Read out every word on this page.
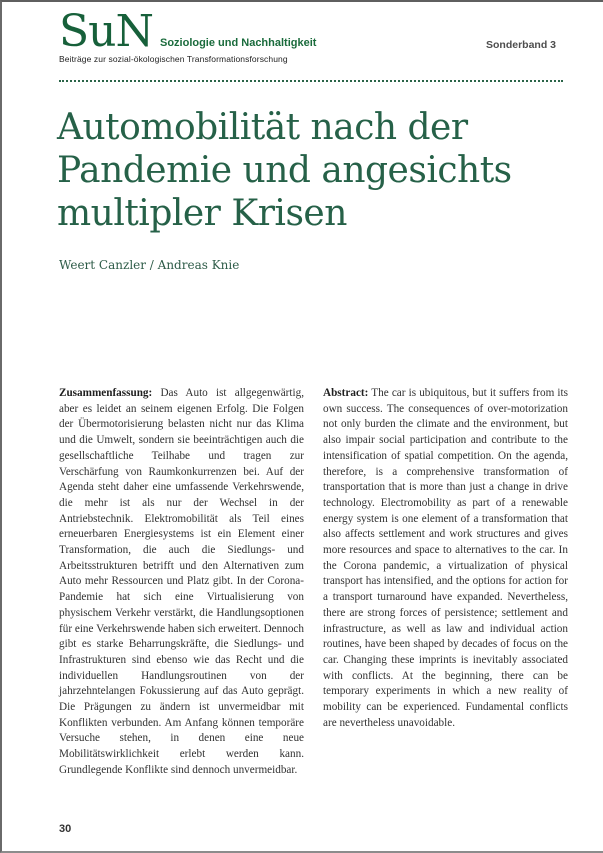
SuN Soziologie und Nachhaltigkeit
Beiträge zur sozial-ökologischen Transformationsforschung
Sonderband 3
Automobilität nach der
Pandemie und angesichts
multipler Krisen
Weert Canzler / Andreas Knie

Zusammenfassung: Das Auto ist allgegenwärtig, aber es leidet an seinem eigenen Erfolg. Die Folgen der Übermotorisierung belasten nicht nur das Klima und die Umwelt, sondern sie beeinträchtigen auch die gesellschaftliche Teilhabe und tragen zur Verschärfung von Raumkonkurrenzen bei. Auf der Agenda steht daher eine umfassende Verkehrswende, die mehr ist als nur der Wechsel in der Antriebstechnik. Elektromobilität als Teil eines erneuerbaren Energiesystems ist ein Element einer Transformation, die auch die Siedlungs- und Arbeitsstrukturen betrifft und den Alternativen zum Auto mehr Ressourcen und Platz gibt. In der Corona-Pandemie hat sich eine Virtualisierung von physischem Verkehr verstärkt, die Handlungsoptionen für eine Verkehrswende haben sich erweitert. Dennoch gibt es starke Beharrungskräfte, die Siedlungs- und Infrastrukturen sind ebenso wie das Recht und die individuellen Handlungsroutinen von der jahrzehntelangen Fokussierung auf das Auto geprägt. Die Prägungen zu ändern ist unvermeidbar mit Konflikten verbunden. Am Anfang können temporäre Versuche stehen, in denen eine neue Mobilitätswirklichkeit erlebt werden kann. Grundlegende Konflikte sind dennoch unvermeidbar.

Abstract: The car is ubiquitous, but it suffers from its own success. The consequences of over-motorization not only burden the climate and the environment, but also impair social participation and contribute to the intensification of spatial competition. On the agenda, therefore, is a comprehensive transformation of transportation that is more than just a change in drive technology. Electromobility as part of a renewable energy system is one element of a transformation that also affects settlement and work structures and gives more resources and space to alternatives to the car. In the Corona pandemic, a virtualization of physical transport has intensified, and the options for action for a transport turnaround have expanded. Nevertheless, there are strong forces of persistence; settlement and infrastructure, as well as law and individual action routines, have been shaped by decades of focus on the car. Changing these imprints is inevitably associated with conflicts. At the beginning, there can be temporary experiments in which a new reality of mobility can be experienced. Fundamental conflicts are nevertheless unavoidable.

30
